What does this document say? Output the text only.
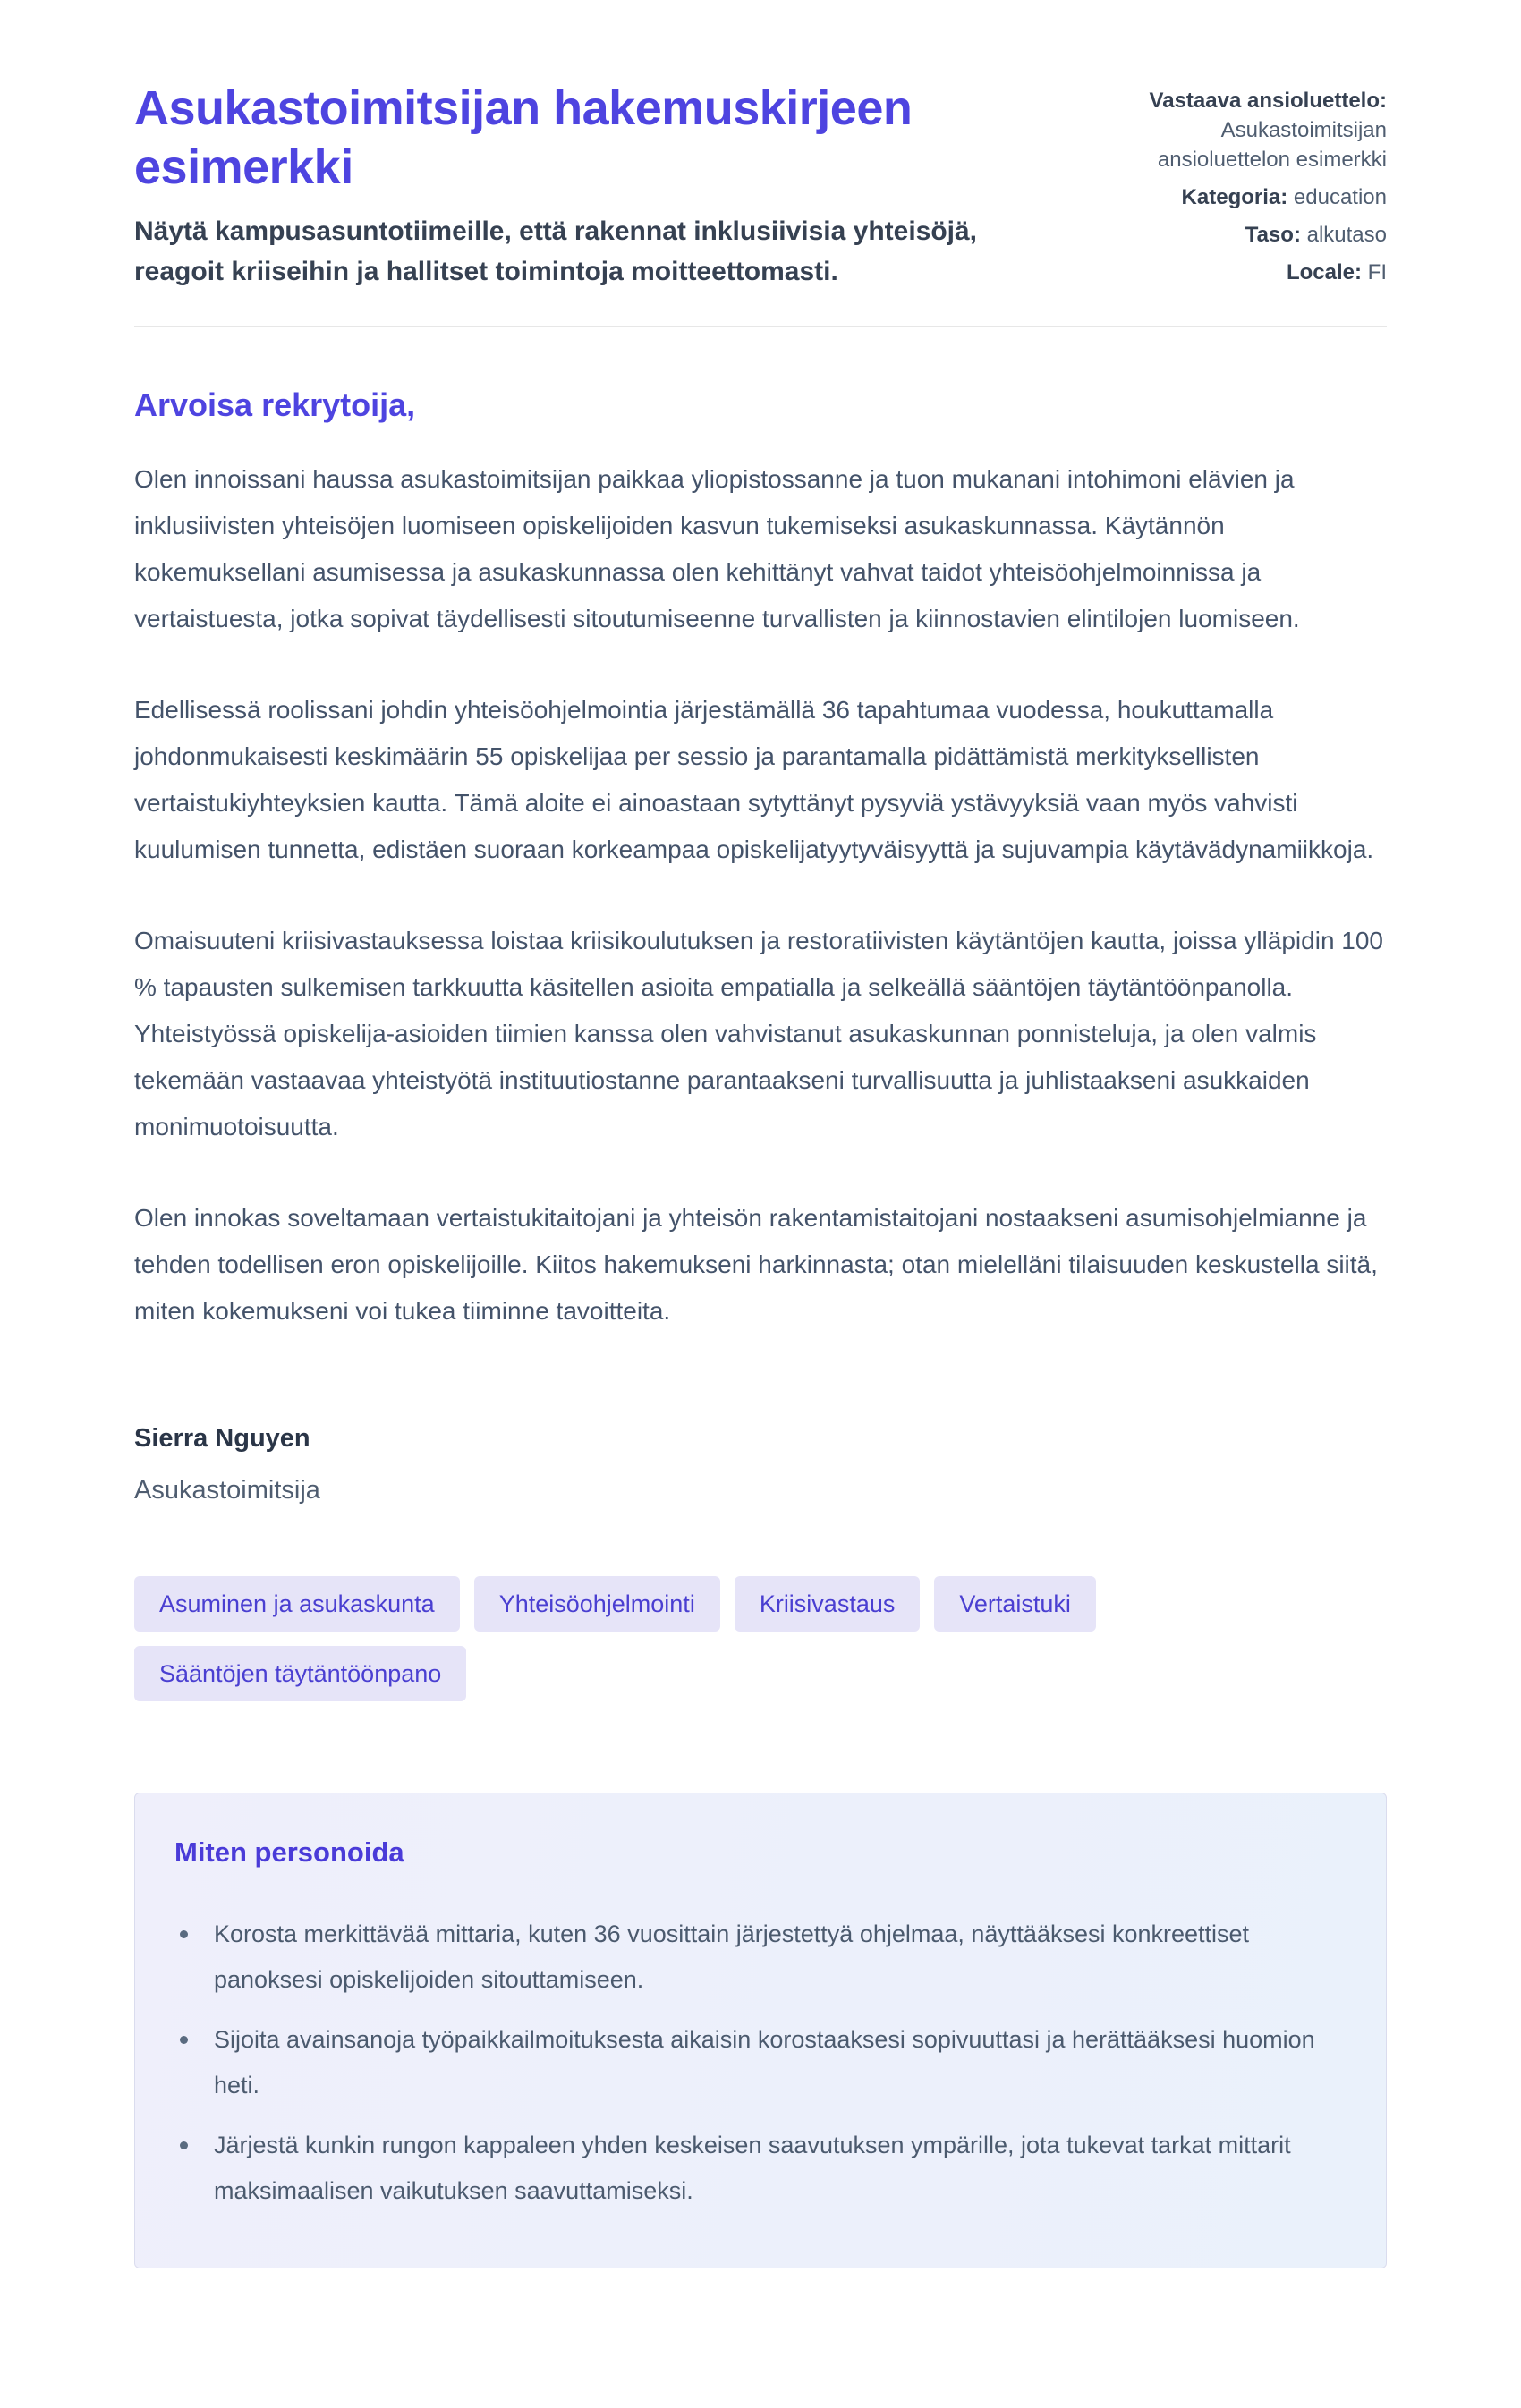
Asukastoimitsijan hakemuskirjeen esimerkki
Näytä kampusasuntotiimeille, että rakennat inklusiivisia yhteisöjä, reagoit kriiseihin ja hallitset toimintoja moitteettomasti.
Vastaava ansioluettelo:
Asukastoimitsijan ansioluettelon esimerkki
Kategoria: education
Taso: alkutaso
Locale: FI
Arvoisa rekrytoija,

Olen innoissani haussa asukastoimitsijan paikkaa yliopistossanne ja tuon mukanani intohimoni elävien ja inklusiivisten yhteisöjen luomiseen opiskelijoiden kasvun tukemiseksi asukaskunnassa. Käytännön kokemuksellani asumisessa ja asukaskunnassa olen kehittänyt vahvat taidot yhteisöohjelmoinnissa ja vertaistuesta, jotka sopivat täydellisesti sitoutumiseenne turvallisten ja kiinnostavien elintilojen luomiseen.

Edellisessä roolissani johdin yhteisöohjelmointia järjestämällä 36 tapahtumaa vuodessa, houkuttamalla johdonmukaisesti keskimäärin 55 opiskelijaa per sessio ja parantamalla pidättämistä merkityksellisten vertaistukiyhteyksien kautta. Tämä aloite ei ainoastaan sytyttänyt pysyviä ystävyyksiä vaan myös vahvisti kuulumisen tunnetta, edistäen suoraan korkeampaa opiskelijatyytyväisyyttä ja sujuvampia käytävädynamiikkoja.

Omaisuuteni kriisivastauksessa loistaa kriisikoulutuksen ja restoratiivisten käytäntöjen kautta, joissa ylläpidin 100 % tapausten sulkemisen tarkkuutta käsitellen asioita empatialla ja selkeällä sääntöjen täytäntöönpanolla. Yhteistyössä opiskelija-asioiden tiimien kanssa olen vahvistanut asukaskunnan ponnisteluja, ja olen valmis tekemään vastaavaa yhteistyötä instituutiostanne parantaakseni turvallisuutta ja juhlistaakseni asukkaiden monimuotoisuutta.

Olen innokas soveltamaan vertaistukitaitojani ja yhteisön rakentamistaitojani nostaakseni asumisohjelmianne ja tehden todellisen eron opiskelijoille. Kiitos hakemukseni harkinnasta; otan mielelläni tilaisuuden keskustella siitä, miten kokemukseni voi tukea tiiminne tavoitteita.

Sierra Nguyen
Asukastoimitsija
Asuminen ja asukaskunta	Yhteisöohjelmointi	Kriisivastaus	Vertaistuki
Sääntöjen täytäntöönpano
Miten personoida
Korosta merkittävää mittaria, kuten 36 vuosittain järjestettyä ohjelmaa, näyttääksesi konkreettiset panoksesi opiskelijoiden sitouttamiseen.
Sijoita avainsanoja työpaikkailmoituksesta aikaisin korostaaksesi sopivuuttasi ja herättääksesi huomion heti.
Järjestä kunkin rungon kappaleen yhden keskeisen saavutuksen ympärille, jota tukevat tarkat mittarit maksimaalisen vaikutuksen saavuttamiseksi.
